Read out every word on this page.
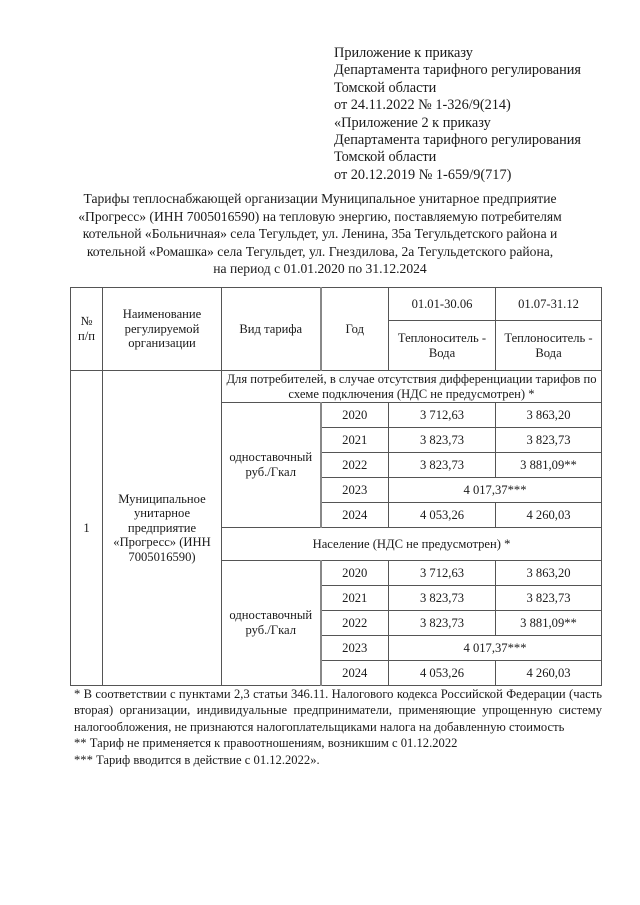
Приложение к приказу
Департамента тарифного регулирования
Томской области
от 24.11.2022 № 1-326/9(214)
«Приложение 2 к приказу
Департамента тарифного регулирования
Томской области
от 20.12.2019 № 1-659/9(717)
Тарифы теплоснабжающей организации Муниципальное унитарное предприятие
«Прогресс» (ИНН 7005016590) на тепловую энергию, поставляемую потребителям
котельной «Больничная» села Тегульдет, ул. Ленина, 35а Тегульдетского района и
котельной «Ромашка» села Тегульдет, ул. Гнездилова, 2а Тегульдетского района,
на период с 01.01.2020 по 31.12.2024
№ п/п	Наименование регулируемой организации	Вид тарифа	Год	01.01-30.06	01.07-31.12
				Теплоноситель - Вода	Теплоноситель - Вода
1	Муниципальное унитарное предприятие «Прогресс» (ИНН 7005016590)	Для потребителей, в случае отсутствия дифференциации тарифов по схеме подключения (НДС не предусмотрен) *			
		одноставочный руб./Гкал	2020	3 712,63	3 863,20
			2021	3 823,73	3 823,73
			2022	3 823,73	3 881,09**
			2023	4 017,37***	
			2024	4 053,26	4 260,03
		Население (НДС не предусмотрен) *			
		одноставочный руб./Гкал	2020	3 712,63	3 863,20
			2021	3 823,73	3 823,73
			2022	3 823,73	3 881,09**
			2023	4 017,37***	
			2024	4 053,26	4 260,03
* В соответствии с пунктами 2,3 статьи 346.11. Налогового кодекса Российской Федерации (часть вторая) организации, индивидуальные предприниматели, применяющие упрощенную систему налогообложения, не признаются налогоплательщиками налога на добавленную стоимость
** Тариф не применяется к правоотношениям, возникшим с 01.12.2022
*** Тариф вводится в действие с 01.12.2022».
